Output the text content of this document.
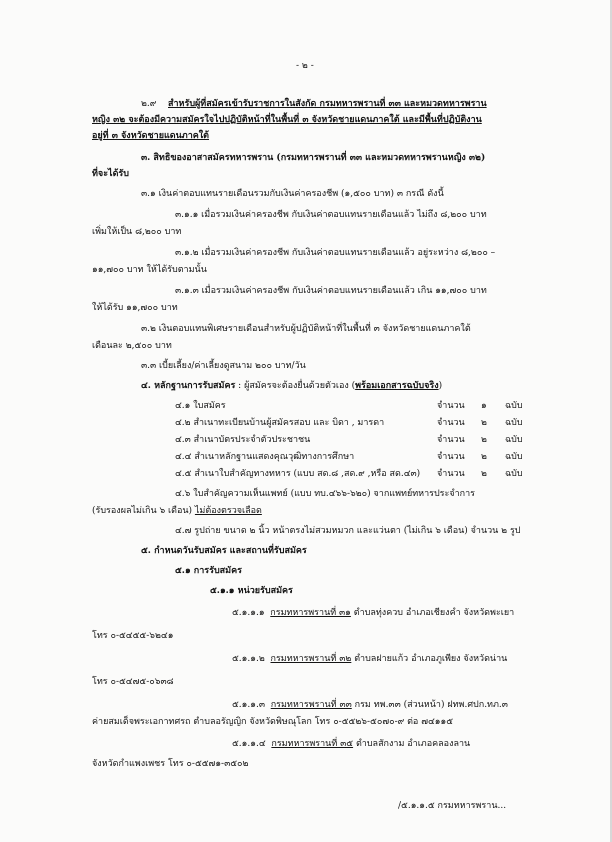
- ๒ -
๒.๙ สำหรับผู้ที่สมัครเข้ารับราชการในสังกัด กรมทหารพรานที่ ๓๓ และหมวดทหารพราน
หญิง ๓๒ จะต้องมีความสมัครใจไปปฏิบัติหน้าที่ในพื้นที่ ๓ จังหวัดชายแดนภาคใต้ และมีพื้นที่ปฏิบัติงาน
อยู่ที่ ๓ จังหวัดชายแดนภาคใต้
๓. สิทธิของอาสาสมัครทหารพราน (กรมทหารพรานที่ ๓๓ และหมวดทหารพรานหญิง ๓๒)
ที่จะได้รับ
๓.๑ เงินค่าตอบแทนรายเดือนรวมกับเงินค่าครองชีพ (๑,๕๐๐ บาท) ๓ กรณี ดังนี้
๓.๑.๑ เมื่อรวมเงินค่าครองชีพ กับเงินค่าตอบแทนรายเดือนแล้ว ไม่ถึง ๘,๒๐๐ บาท
เพิ่มให้เป็น ๘,๒๐๐ บาท
๓.๑.๒ เมื่อรวมเงินค่าครองชีพ กับเงินค่าตอบแทนรายเดือนแล้ว อยู่ระหว่าง ๘,๒๐๐ –
๑๑,๗๐๐ บาท ให้ได้รับตามนั้น
๓.๑.๓ เมื่อรวมเงินค่าครองชีพ กับเงินค่าตอบแทนรายเดือนแล้ว เกิน ๑๑,๗๐๐ บาท
ให้ได้รับ ๑๑,๗๐๐ บาท
๓.๒ เงินตอบแทนพิเศษรายเดือนสำหรับผู้ปฏิบัติหน้าที่ในพื้นที่ ๓ จังหวัดชายแดนภาคใต้
เดือนละ ๒,๕๐๐ บาท
๓.๓ เบี้ยเลี้ยง/ค่าเลี้ยงดูสนาม ๒๐๐ บาท/วัน
๔. หลักฐานการรับสมัคร : ผู้สมัครจะต้องยื่นด้วยตัวเอง (พร้อมเอกสารฉบับจริง)
๔.๑ ใบสมัคร	จำนวน ๑ ฉบับ
๔.๒ สำเนาทะเบียนบ้านผู้สมัครสอบ และ บิดา , มารดา	จำนวน ๒ ฉบับ
๔.๓ สำเนาบัตรประจำตัวประชาชน	จำนวน ๒ ฉบับ
๔.๔ สำเนาหลักฐานแสดงคุณวุฒิทางการศึกษา	จำนวน ๒ ฉบับ
๔.๕ สำเนาใบสำคัญทางทหาร (แบบ สด.๘ ,สด.๙ ,หรือ สด.๔๓) จำนวน ๒ ฉบับ
๔.๖ ใบสำคัญความเห็นแพทย์ (แบบ ทบ.๔๖๖-๖๒๐) จากแพทย์ทหารประจำการ
(รับรองผลไม่เกิน ๖ เดือน) ไม่ต้องตรวจเลือด
๔.๗ รูปถ่าย ขนาด ๒ นิ้ว หน้าตรงไม่สวมหมวก และแว่นตา (ไม่เกิน ๖ เดือน) จำนวน ๒ รูป
๕. กำหนดวันรับสมัคร และสถานที่รับสมัคร
๕.๑ การรับสมัคร
๕.๑.๑ หน่วยรับสมัคร
๕.๑.๑.๑ กรมทหารพรานที่ ๓๑ ตำบลทุ่งควบ อำเภอเชียงคำ จังหวัดพะเยา
โทร ๐-๕๔๕๕-๖๒๔๑
๕.๑.๑.๒ กรมทหารพรานที่ ๓๒ ตำบลฝายแก้ว อำเภอภูเพียง จังหวัดน่าน
โทร ๐-๕๔๗๕-๐๖๓๘
๕.๑.๑.๓ กรมทหารพรานที่ ๓๓ กรม ทพ.๓๓ (ส่วนหน้า) ฝทพ.ศปก.ทภ.๓
ค่ายสมเด็จพระเอกาทศรถ ตำบลอรัญญิก จังหวัดพิษณุโลก โทร ๐-๕๕๒๖-๕๐๗๐-๙ ต่อ ๗๔๑๑๕
๕.๑.๑.๔ กรมทหารพรานที่ ๓๕ ตำบลสักงาม อำเภอคลองลาน
จังหวัดกำแพงเพชร โทร ๐-๕๕๗๑-๓๕๐๒
/๕.๑.๑.๕ กรมทหารพราน...
